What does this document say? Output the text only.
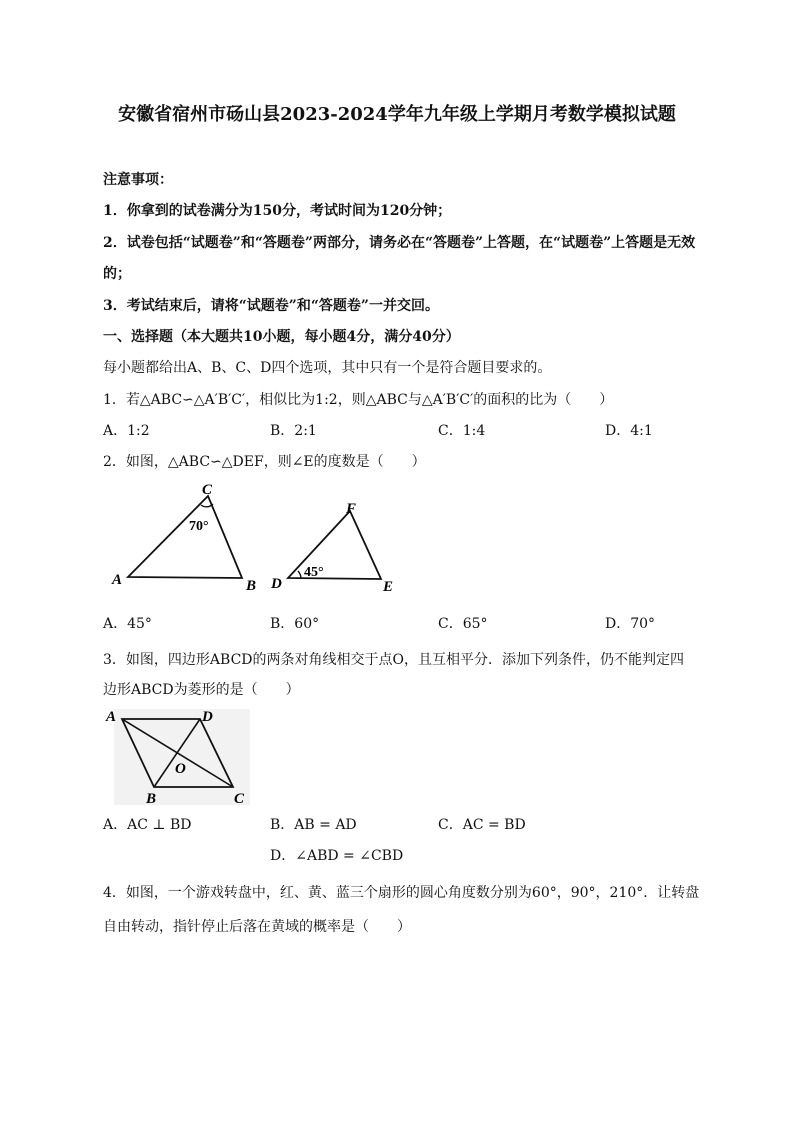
安徽省宿州市砀山县2023-2024学年九年级上学期月考数学模拟试题
注意事项：
1．你拿到的试卷满分为150分，考试时间为120分钟；
2．试卷包括“试题卷”和“答题卷”两部分，请务必在“答题卷”上答题，在“试题卷”上答题是无效
的；
3．考试结束后，请将“试题卷”和“答题卷”一并交回。
一、选择题（本大题共10小题，每小题4分，满分40分）
每小题都给出A、B、C、D四个选项，其中只有一个是符合题目要求的。
1．若△ABC∽△A′B′C′，相似比为1:2，则△ABC与△A′B′C′的面积的比为（　　）
A．1:2	B．2:1	C．1:4	D．4:1
2．如图，△ABC∽△DEF，则∠E的度数是（　　）
A	B
C
70°
D	E
F
45°
A．45°	B．60°	C．65°	D．70°
3．如图，四边形ABCD的两条对角线相交于点O，且互相平分．添加下列条件，仍不能判定四
边形ABCD为菱形的是（　　）
A	D
B	C
O
A．AC ⊥ BD	B．AB = AD	C．AC = BD
D．∠ABD = ∠CBD
4．如图，一个游戏转盘中，红、黄、蓝三个扇形的圆心角度数分别为60°，90°，210°．让转盘
自由转动，指针停止后落在黄域的概率是（　　）
